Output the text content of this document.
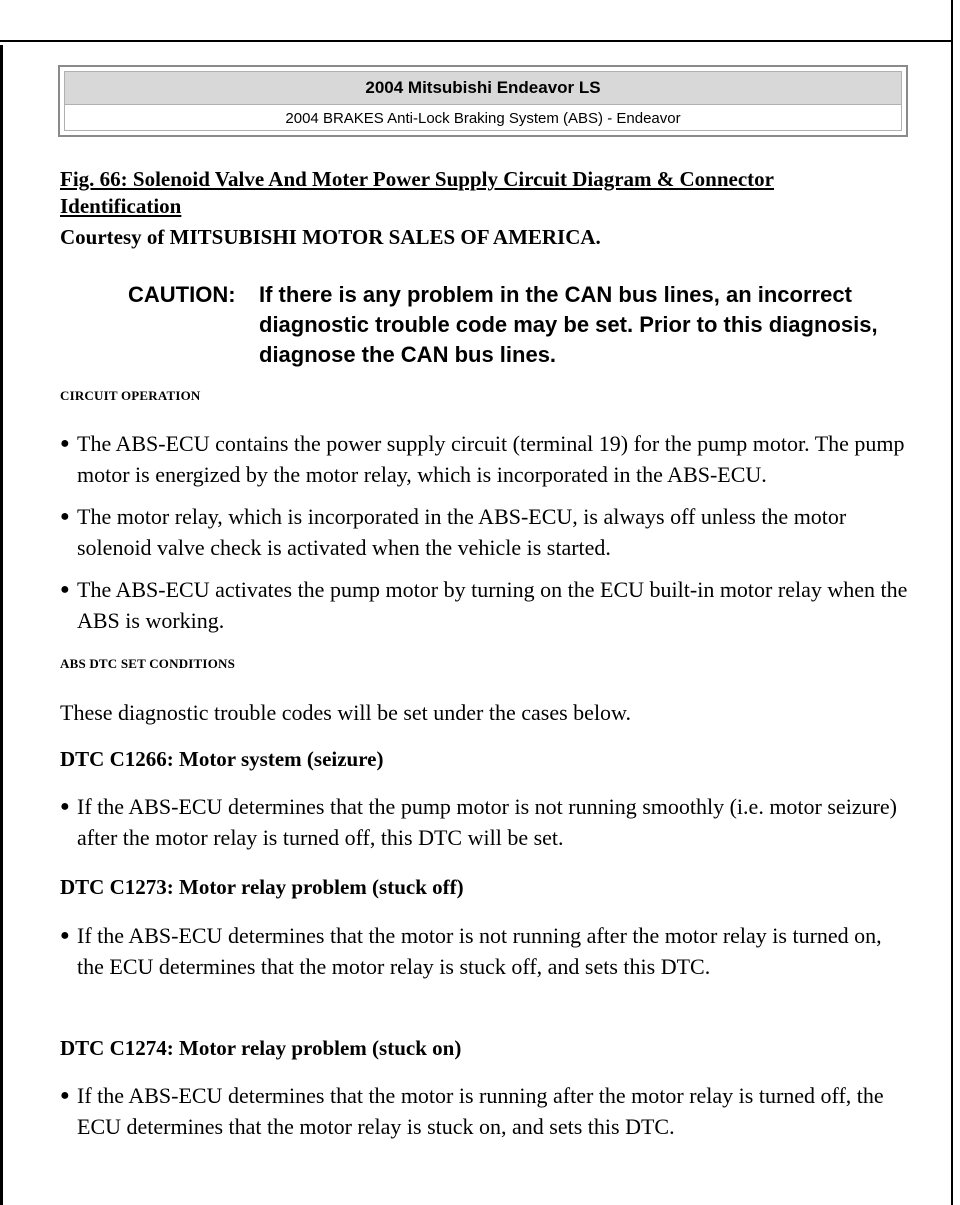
2004 Mitsubishi Endeavor LS
2004 BRAKES Anti-Lock Braking System (ABS) - Endeavor
Fig. 66: Solenoid Valve And Moter Power Supply Circuit Diagram & Connector Identification
Courtesy of MITSUBISHI MOTOR SALES OF AMERICA.
CAUTION: If there is any problem in the CAN bus lines, an incorrect diagnostic trouble code may be set. Prior to this diagnosis, diagnose the CAN bus lines.
CIRCUIT OPERATION
● The ABS-ECU contains the power supply circuit (terminal 19) for the pump motor. The pump motor is energized by the motor relay, which is incorporated in the ABS-ECU.
● The motor relay, which is incorporated in the ABS-ECU, is always off unless the motor solenoid valve check is activated when the vehicle is started.
● The ABS-ECU activates the pump motor by turning on the ECU built-in motor relay when the ABS is working.
ABS DTC SET CONDITIONS
These diagnostic trouble codes will be set under the cases below.
DTC C1266: Motor system (seizure)
● If the ABS-ECU determines that the pump motor is not running smoothly (i.e. motor seizure) after the motor relay is turned off, this DTC will be set.
DTC C1273: Motor relay problem (stuck off)
● If the ABS-ECU determines that the motor is not running after the motor relay is turned on, the ECU determines that the motor relay is stuck off, and sets this DTC.
DTC C1274: Motor relay problem (stuck on)
● If the ABS-ECU determines that the motor is running after the motor relay is turned off, the ECU determines that the motor relay is stuck on, and sets this DTC.
